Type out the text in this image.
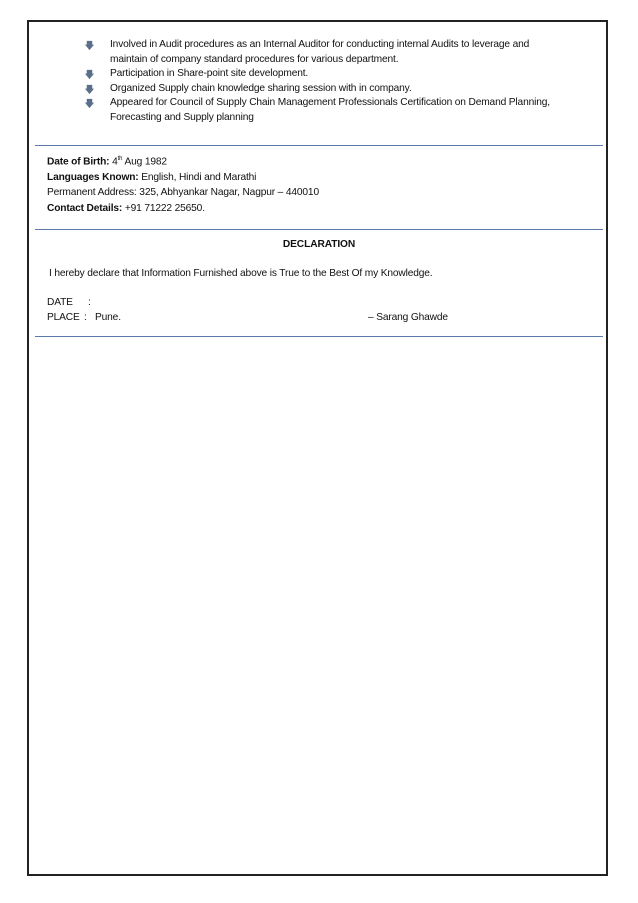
Involved in Audit procedures as an Internal Auditor for conducting internal Audits to leverage and maintain of company standard procedures for various department.
Participation in Share-point site development.
Organized Supply chain knowledge sharing session with in company.
Appeared for Council of Supply Chain Management Professionals Certification on Demand Planning, Forecasting and Supply planning
Date of Birth: 4th Aug 1982
Languages Known: English, Hindi and Marathi
Permanent Address: 325, Abhyankar Nagar, Nagpur – 440010
Contact Details: +91 71222 25650.
DECLARATION
I hereby declare that Information Furnished above is True to the Best Of my Knowledge.
DATE :
PLACE : Pune.	– Sarang Ghawde
